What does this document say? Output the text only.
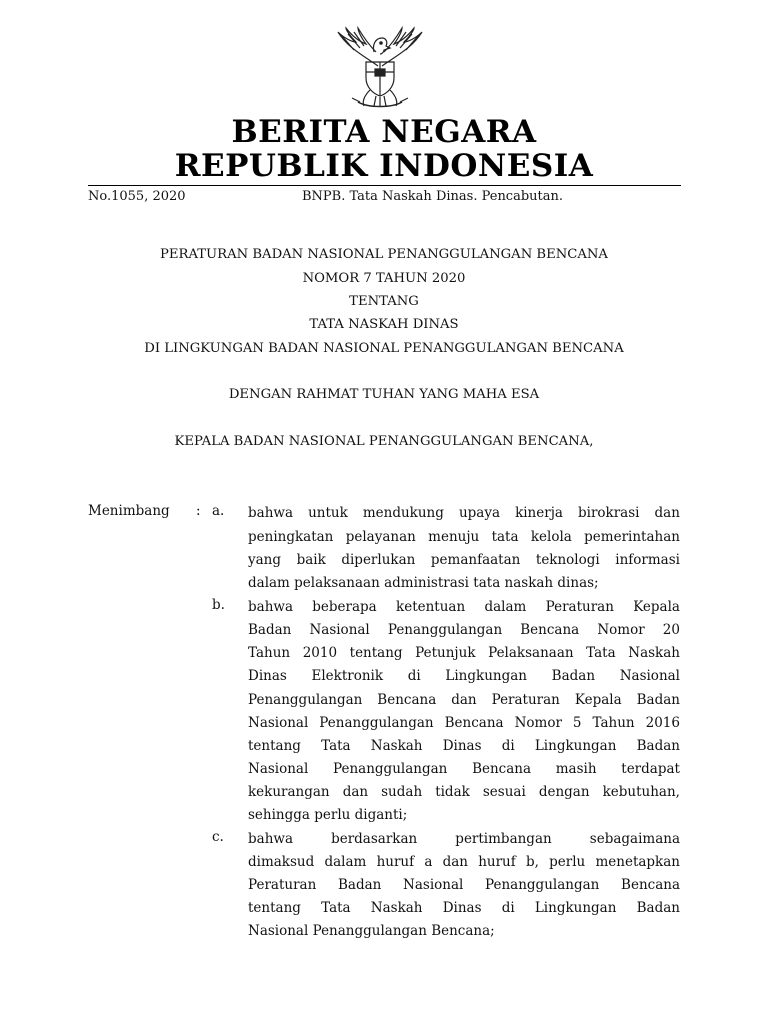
BERITA NEGARA
REPUBLIK INDONESIA
No.1055, 2020	BNPB. Tata Naskah Dinas. Pencabutan.
PERATURAN BADAN NASIONAL PENANGGULANGAN BENCANA
NOMOR 7 TAHUN 2020
TENTANG
TATA NASKAH DINAS
DI LINGKUNGAN BADAN NASIONAL PENANGGULANGAN BENCANA
DENGAN RAHMAT TUHAN YANG MAHA ESA
KEPALA BADAN NASIONAL PENANGGULANGAN BENCANA,
Menimbang : a. bahwa untuk mendukung upaya kinerja birokrasi dan
peningkatan pelayanan menuju tata kelola pemerintahan
yang baik diperlukan pemanfaatan teknologi informasi
dalam pelaksanaan administrasi tata naskah dinas;
b. bahwa beberapa ketentuan dalam Peraturan Kepala
Badan Nasional Penanggulangan Bencana Nomor 20
Tahun 2010 tentang Petunjuk Pelaksanaan Tata Naskah
Dinas Elektronik di Lingkungan Badan Nasional
Penanggulangan Bencana dan Peraturan Kepala Badan
Nasional Penanggulangan Bencana Nomor 5 Tahun 2016
tentang Tata Naskah Dinas di Lingkungan Badan
Nasional Penanggulangan Bencana masih terdapat
kekurangan dan sudah tidak sesuai dengan kebutuhan,
sehingga perlu diganti;
c. bahwa	berdasarkan	pertimbangan	sebagaimana
dimaksud dalam huruf a dan huruf b, perlu menetapkan
Peraturan Badan Nasional Penanggulangan Bencana
tentang Tata Naskah Dinas di Lingkungan Badan
Nasional Penanggulangan Bencana;
